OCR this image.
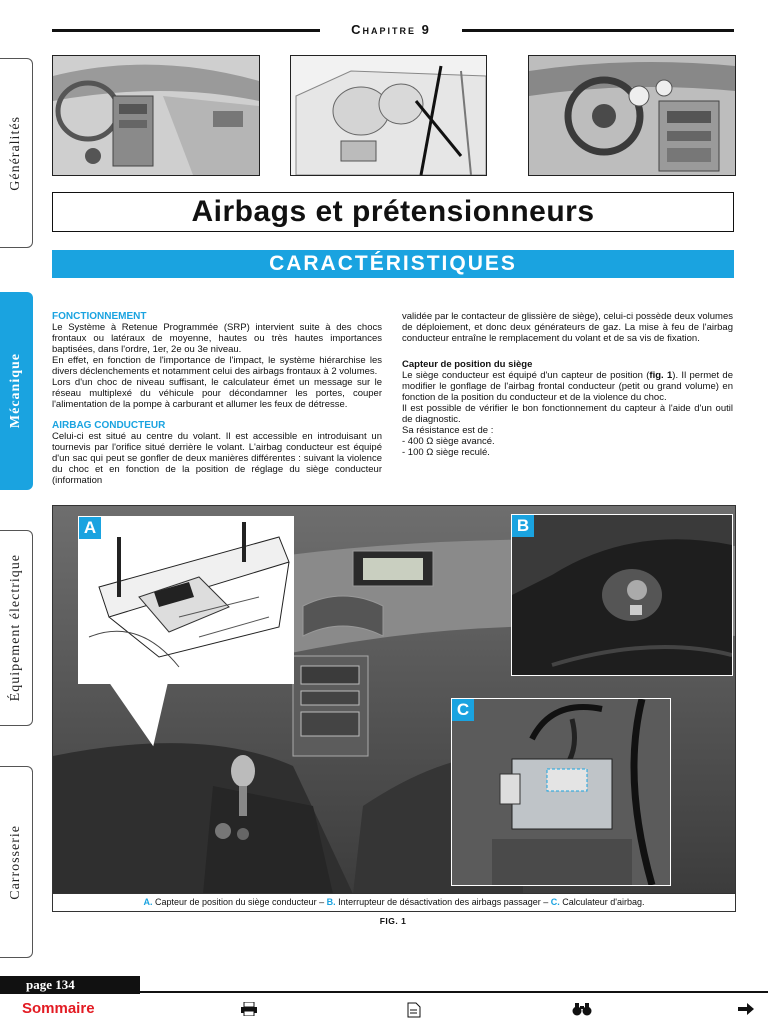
Chapitre 9
Généralités
Mécanique
Équipement électrique
Carrosserie
Airbags et prétensionneurs
CARACTÉRISTIQUES

FONCTIONNEMENT

Le Système à Retenue Programmée (SRP) intervient suite à des chocs frontaux ou latéraux de moyenne, hautes ou très hautes importances baptisées, dans l'ordre, 1er, 2e ou 3e niveau.

En effet, en fonction de l'importance de l'impact, le système hiérarchise les divers déclenchements et notamment celui des airbags frontaux à 2 volumes.

Lors d'un choc de niveau suffisant, le calculateur émet un message sur le réseau multiplexé du véhicule pour décondamner les portes, couper l'alimentation de la pompe à carburant et allumer les feux de détresse.

AIRBAG CONDUCTEUR

Celui-ci est situé au centre du volant. Il est accessible en introduisant un tournevis par l'orifice situé derrière le volant. L'airbag conducteur est équipé d'un sac qui peut se gonfler de deux manières différentes : suivant la violence du choc et en fonction de la position de réglage du siège conducteur (information

validée par le contacteur de glissière de siège), celui-ci possède deux volumes de déploiement, et donc deux générateurs de gaz. La mise à feu de l'airbag conducteur entraîne le remplacement du volant et de sa vis de fixation.

Capteur de position du siège

Le siège conducteur est équipé d'un capteur de position (fig. 1). Il permet de modifier le gonflage de l'airbag frontal conducteur (petit ou grand volume) en fonction de la position du conducteur et de la violence du choc.

Il est possible de vérifier le bon fonctionnement du capteur à l'aide d'un outil de diagnostic.

Sa résistance est de :

- 400 Ω siège avancé.

- 100 Ω siège reculé.

A	B
C
A. Capteur de position du siège conducteur – B. Interrupteur de désactivation des airbags passager – C. Calculateur d'airbag.
FIG. 1
page 134
Sommaire
